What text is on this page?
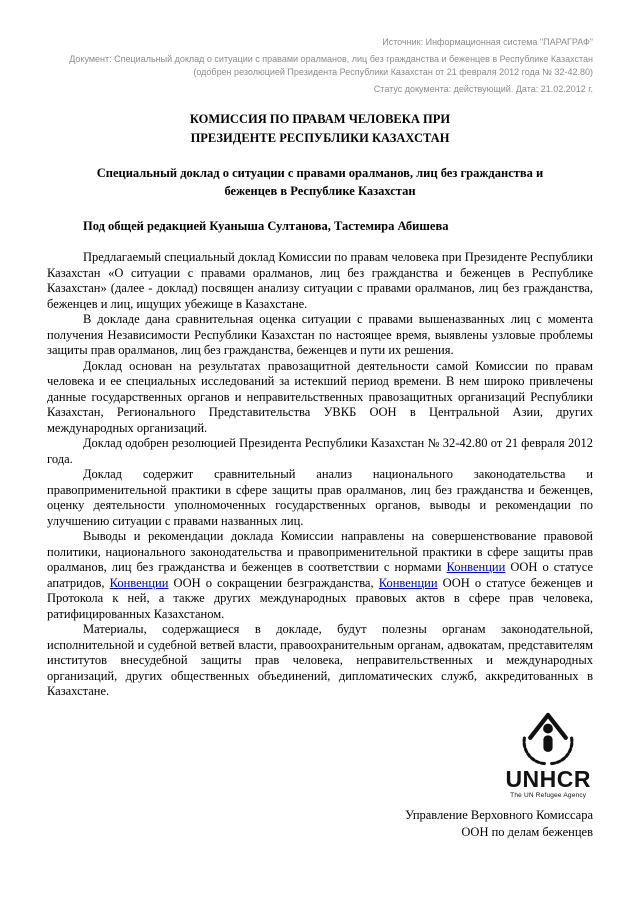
Источник: Информационная система "ПАРАГРАФ"
Документ: Специальный доклад о ситуации с правами оралманов, лиц без гражданства и беженцев в Республике Казахстан (одобрен резолюцией Президента Республики Казахстан от 21 февраля 2012 года № 32-42.80)
Статус документа: действующий. Дата: 21.02.2012 г.
КОМИССИЯ ПО ПРАВАМ ЧЕЛОВЕКА ПРИ
ПРЕЗИДЕНТЕ РЕСПУБЛИКИ КАЗАХСТАН
Специальный доклад о ситуации с правами оралманов, лиц без гражданства и беженцев в Республике Казахстан

Под общей редакцией Куаныша Султанова, Тастемира Абишева

Предлагаемый специальный доклад Комиссии по правам человека при Президенте Республики Казахстан «О ситуации с правами оралманов, лиц без гражданства и беженцев в Республике Казахстан» (далее - доклад) посвящен анализу ситуации с правами оралманов, лиц без гражданства, беженцев и лиц, ищущих убежище в Казахстане.

В докладе дана сравнительная оценка ситуации с правами вышеназванных лиц с момента получения Независимости Республики Казахстан по настоящее время, выявлены узловые проблемы защиты прав оралманов, лиц без гражданства, беженцев и пути их решения.

Доклад основан на результатах правозащитной деятельности самой Комиссии по правам человека и ее специальных исследований за истекший период времени. В нем широко привлечены данные государственных органов и неправительственных правозащитных организаций Республики Казахстан, Регионального Представительства УВКБ ООН в Центральной Азии, других международных организаций.

Доклад одобрен резолюцией Президента Республики Казахстан № 32-42.80 от 21 февраля 2012 года.

Доклад содержит сравнительный анализ национального законодательства и правоприменительной практики в сфере защиты прав оралманов, лиц без гражданства и беженцев, оценку деятельности уполномоченных государственных органов, выводы и рекомендации по улучшению ситуации с правами названных лиц.

Выводы и рекомендации доклада Комиссии направлены на совершенствование правовой политики, национального законодательства и правоприменительной практики в сфере защиты прав оралманов, лиц без гражданства и беженцев в соответствии с нормами Конвенции ООН о статусе апатридов, Конвенции ООН о сокращении безгражданства, Конвенции ООН о статусе беженцев и Протокола к ней, а также других международных правовых актов в сфере прав человека, ратифицированных Казахстаном.

Материалы, содержащиеся в докладе, будут полезны органам законодательной, исполнительной и судебной ветвей власти, правоохранительным органам, адвокатам, представителям институтов внесудебной защиты прав человека, неправительственных и международных организаций, других общественных объединений, дипломатических служб, аккредитованных в Казахстане.

UNHCR
The UN Refugee Agency
Управление Верховного Комиссара
ООН по делам беженцев
